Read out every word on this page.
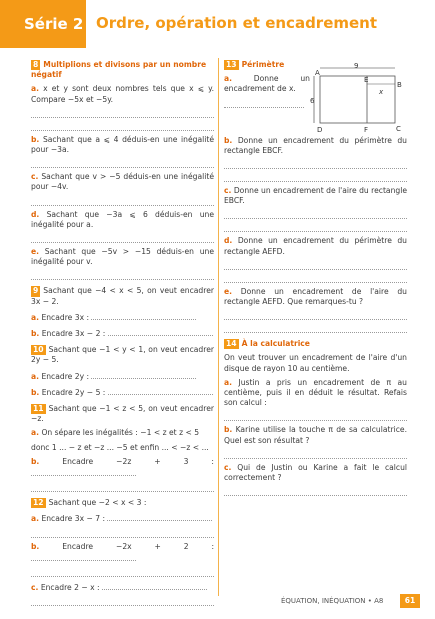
Série 2 Ordre, opération et encadrement
8 Multiplions et divisons par un nombre négatif
a. x et y sont deux nombres tels que x ⩽ y. Compare −5x et −5y.
b. Sachant que a ⩽ 4 déduis-en une inégalité pour −3a.
c. Sachant que v > −5 déduis-en une inégalité pour −4v.
d. Sachant que −3a ⩽ 6 déduis-en une inégalité pour a.
e. Sachant que −5v > −15 déduis-en une inégalité pour v.
9 Sachant que −4 < x < 5, on veut encadrer 3x − 2.
a. Encadre 3x :
b. Encadre 3x − 2 :
10 Sachant que −1 < y < 1, on veut encadrer 2y − 5.
a. Encadre 2y :
b. Encadre 2y − 5 :
11 Sachant que −1 < z < 5, on veut encadrer −z.
a. On sépare les inégalités : −1 < z et z < 5
donc 1 ... − z et −z ... −5 et enfin ... < −z < ...
b.	Encadre −2z + 3 :
12 Sachant que −2 < x < 3 :
a. Encadre 3x − 7 :
b.	Encadre −2x + 2 :
c. Encadre 2 − x :
13 Périmètre
a.	Donne un encadrement de x.
9
6
x
A
E
B
C
D	F
b. Donne un encadrement du périmètre du rectangle EBCF.
c. Donne un encadrement de l'aire du rectangle EBCF.
d. Donne un encadrement du périmètre du rectangle AEFD.
e. Donne un encadrement de l'aire du rectangle AEFD. Que remarques-tu ?
14 À la calculatrice
On veut trouver un encadrement de l'aire d'un disque de rayon 10 au centième.
a. Justin a pris un encadrement de π au centième, puis il en déduit le résultat. Refais son calcul :
b. Karine utilise la touche π de sa calculatrice. Quel est son résultat ?
c. Qui de Justin ou Karine a fait le calcul correctement ?
ÉQUATION, INÉQUATION • A8	61
